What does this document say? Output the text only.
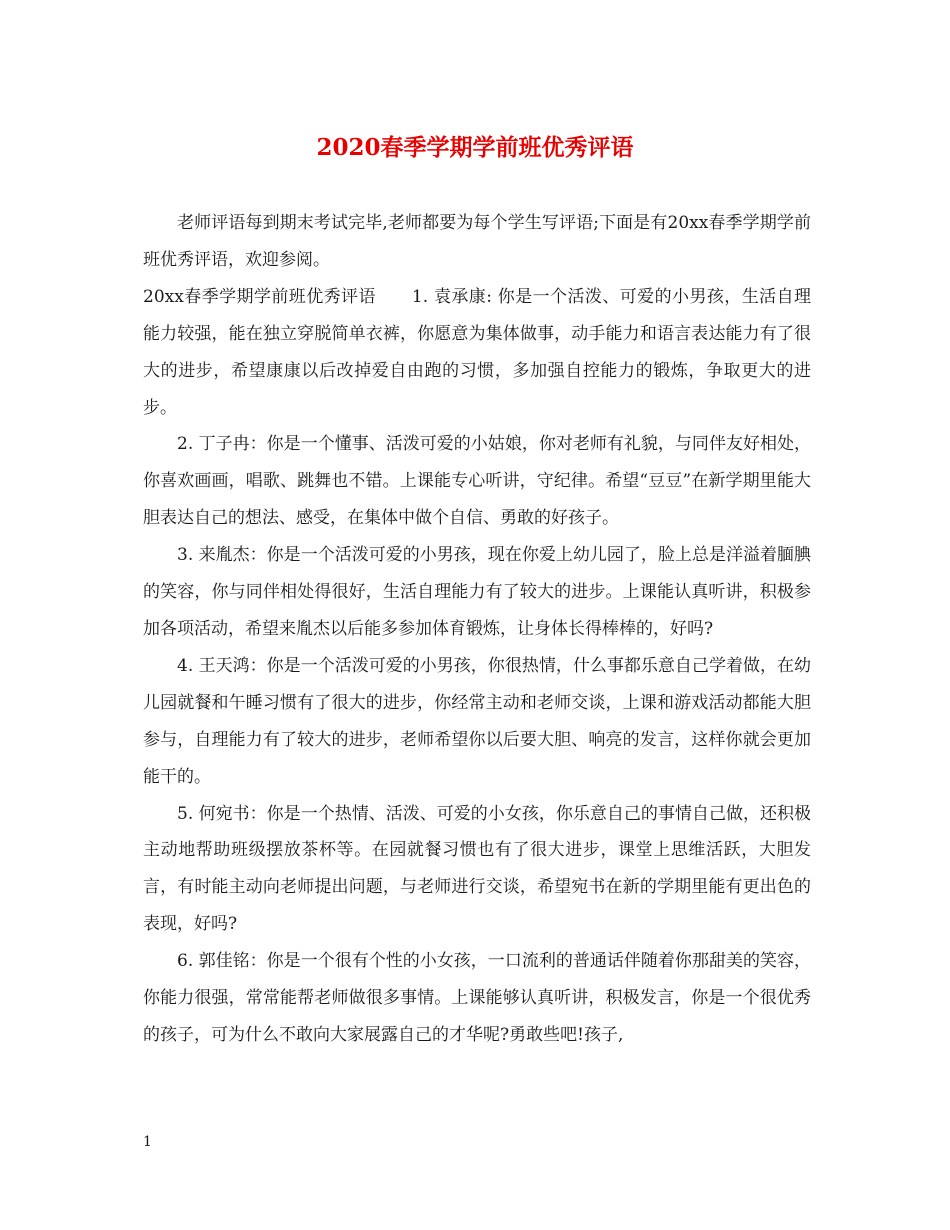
2020春季学期学前班优秀评语

老师评语每到期末考试完毕,老师都要为每个学生写评语;下面是有20xx春季学期学前班优秀评语，欢迎参阅。

20xx春季学期学前班优秀评语 1. 袁承康: 你是一个活泼、可爱的小男孩，生活自理能力较强，能在独立穿脱简单衣裤，你愿意为集体做事，动手能力和语言表达能力有了很大的进步，希望康康以后改掉爱自由跑的习惯，多加强自控能力的锻炼，争取更大的进步。

2. 丁子冉：你是一个懂事、活泼可爱的小姑娘，你对老师有礼貌，与同伴友好相处，你喜欢画画，唱歌、跳舞也不错。上课能专心听讲，守纪律。希望“豆豆”在新学期里能大胆表达自己的想法、感受，在集体中做个自信、勇敢的好孩子。

3. 来胤杰：你是一个活泼可爱的小男孩，现在你爱上幼儿园了，脸上总是洋溢着腼腆的笑容，你与同伴相处得很好，生活自理能力有了较大的进步。上课能认真听讲，积极参加各项活动，希望来胤杰以后能多参加体育锻炼，让身体长得棒棒的，好吗?

4. 王天鸿：你是一个活泼可爱的小男孩，你很热情，什么事都乐意自己学着做，在幼儿园就餐和午睡习惯有了很大的进步，你经常主动和老师交谈，上课和游戏活动都能大胆参与，自理能力有了较大的进步，老师希望你以后要大胆、响亮的发言，这样你就会更加能干的。

5. 何宛书：你是一个热情、活泼、可爱的小女孩，你乐意自己的事情自己做，还积极主动地帮助班级摆放茶杯等。在园就餐习惯也有了很大进步，课堂上思维活跃，大胆发言，有时能主动向老师提出问题，与老师进行交谈，希望宛书在新的学期里能有更出色的表现，好吗?

6. 郭佳铭：你是一个很有个性的小女孩，一口流利的普通话伴随着你那甜美的笑容，你能力很强，常常能帮老师做很多事情。上课能够认真听讲，积极发言，你是一个很优秀的孩子，可为什么不敢向大家展露自己的才华呢?勇敢些吧!孩子,

1
